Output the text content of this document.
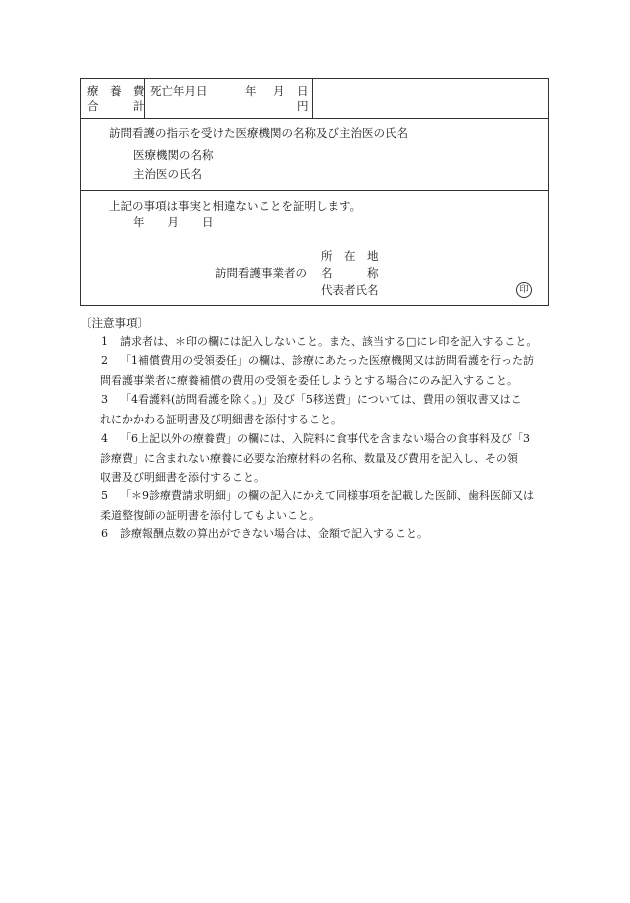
療　養　費
合　　　計
死亡年月日	年 月 日
円
訪問看護の指示を受けた医療機関の名称及び主治医の氏名
医療機関の名称
主治医の氏名
上記の事項は事実と相違ないことを証明します。
年　　月　　日
所　在　地
訪問看護事業者の 名　　　称
代表者氏名	印
〔注意事項〕
1 請求者は、＊印の欄には記入しないこと。また、該当する□にレ印を記入すること。
2 「1補償費用の受領委任」の欄は、診療にあたった医療機関又は訪問看護を行った訪
問看護事業者に療養補償の費用の受領を委任しようとする場合にのみ記入すること。
3 「4看護料(訪問看護を除く。)」及び「5移送費」については、費用の領収書又はこ
れにかかわる証明書及び明細書を添付すること。
4 「6上記以外の療養費」の欄には、入院料に食事代を含まない場合の食事料及び「3
診療費」に含まれない療養に必要な治療材料の名称、数量及び費用を記入し、その領
収書及び明細書を添付すること。
5 「＊9診療費請求明細」の欄の記入にかえて同様事項を記載した医師、歯科医師又は
柔道整復師の証明書を添付してもよいこと。
6 診療報酬点数の算出ができない場合は、金額で記入すること。
